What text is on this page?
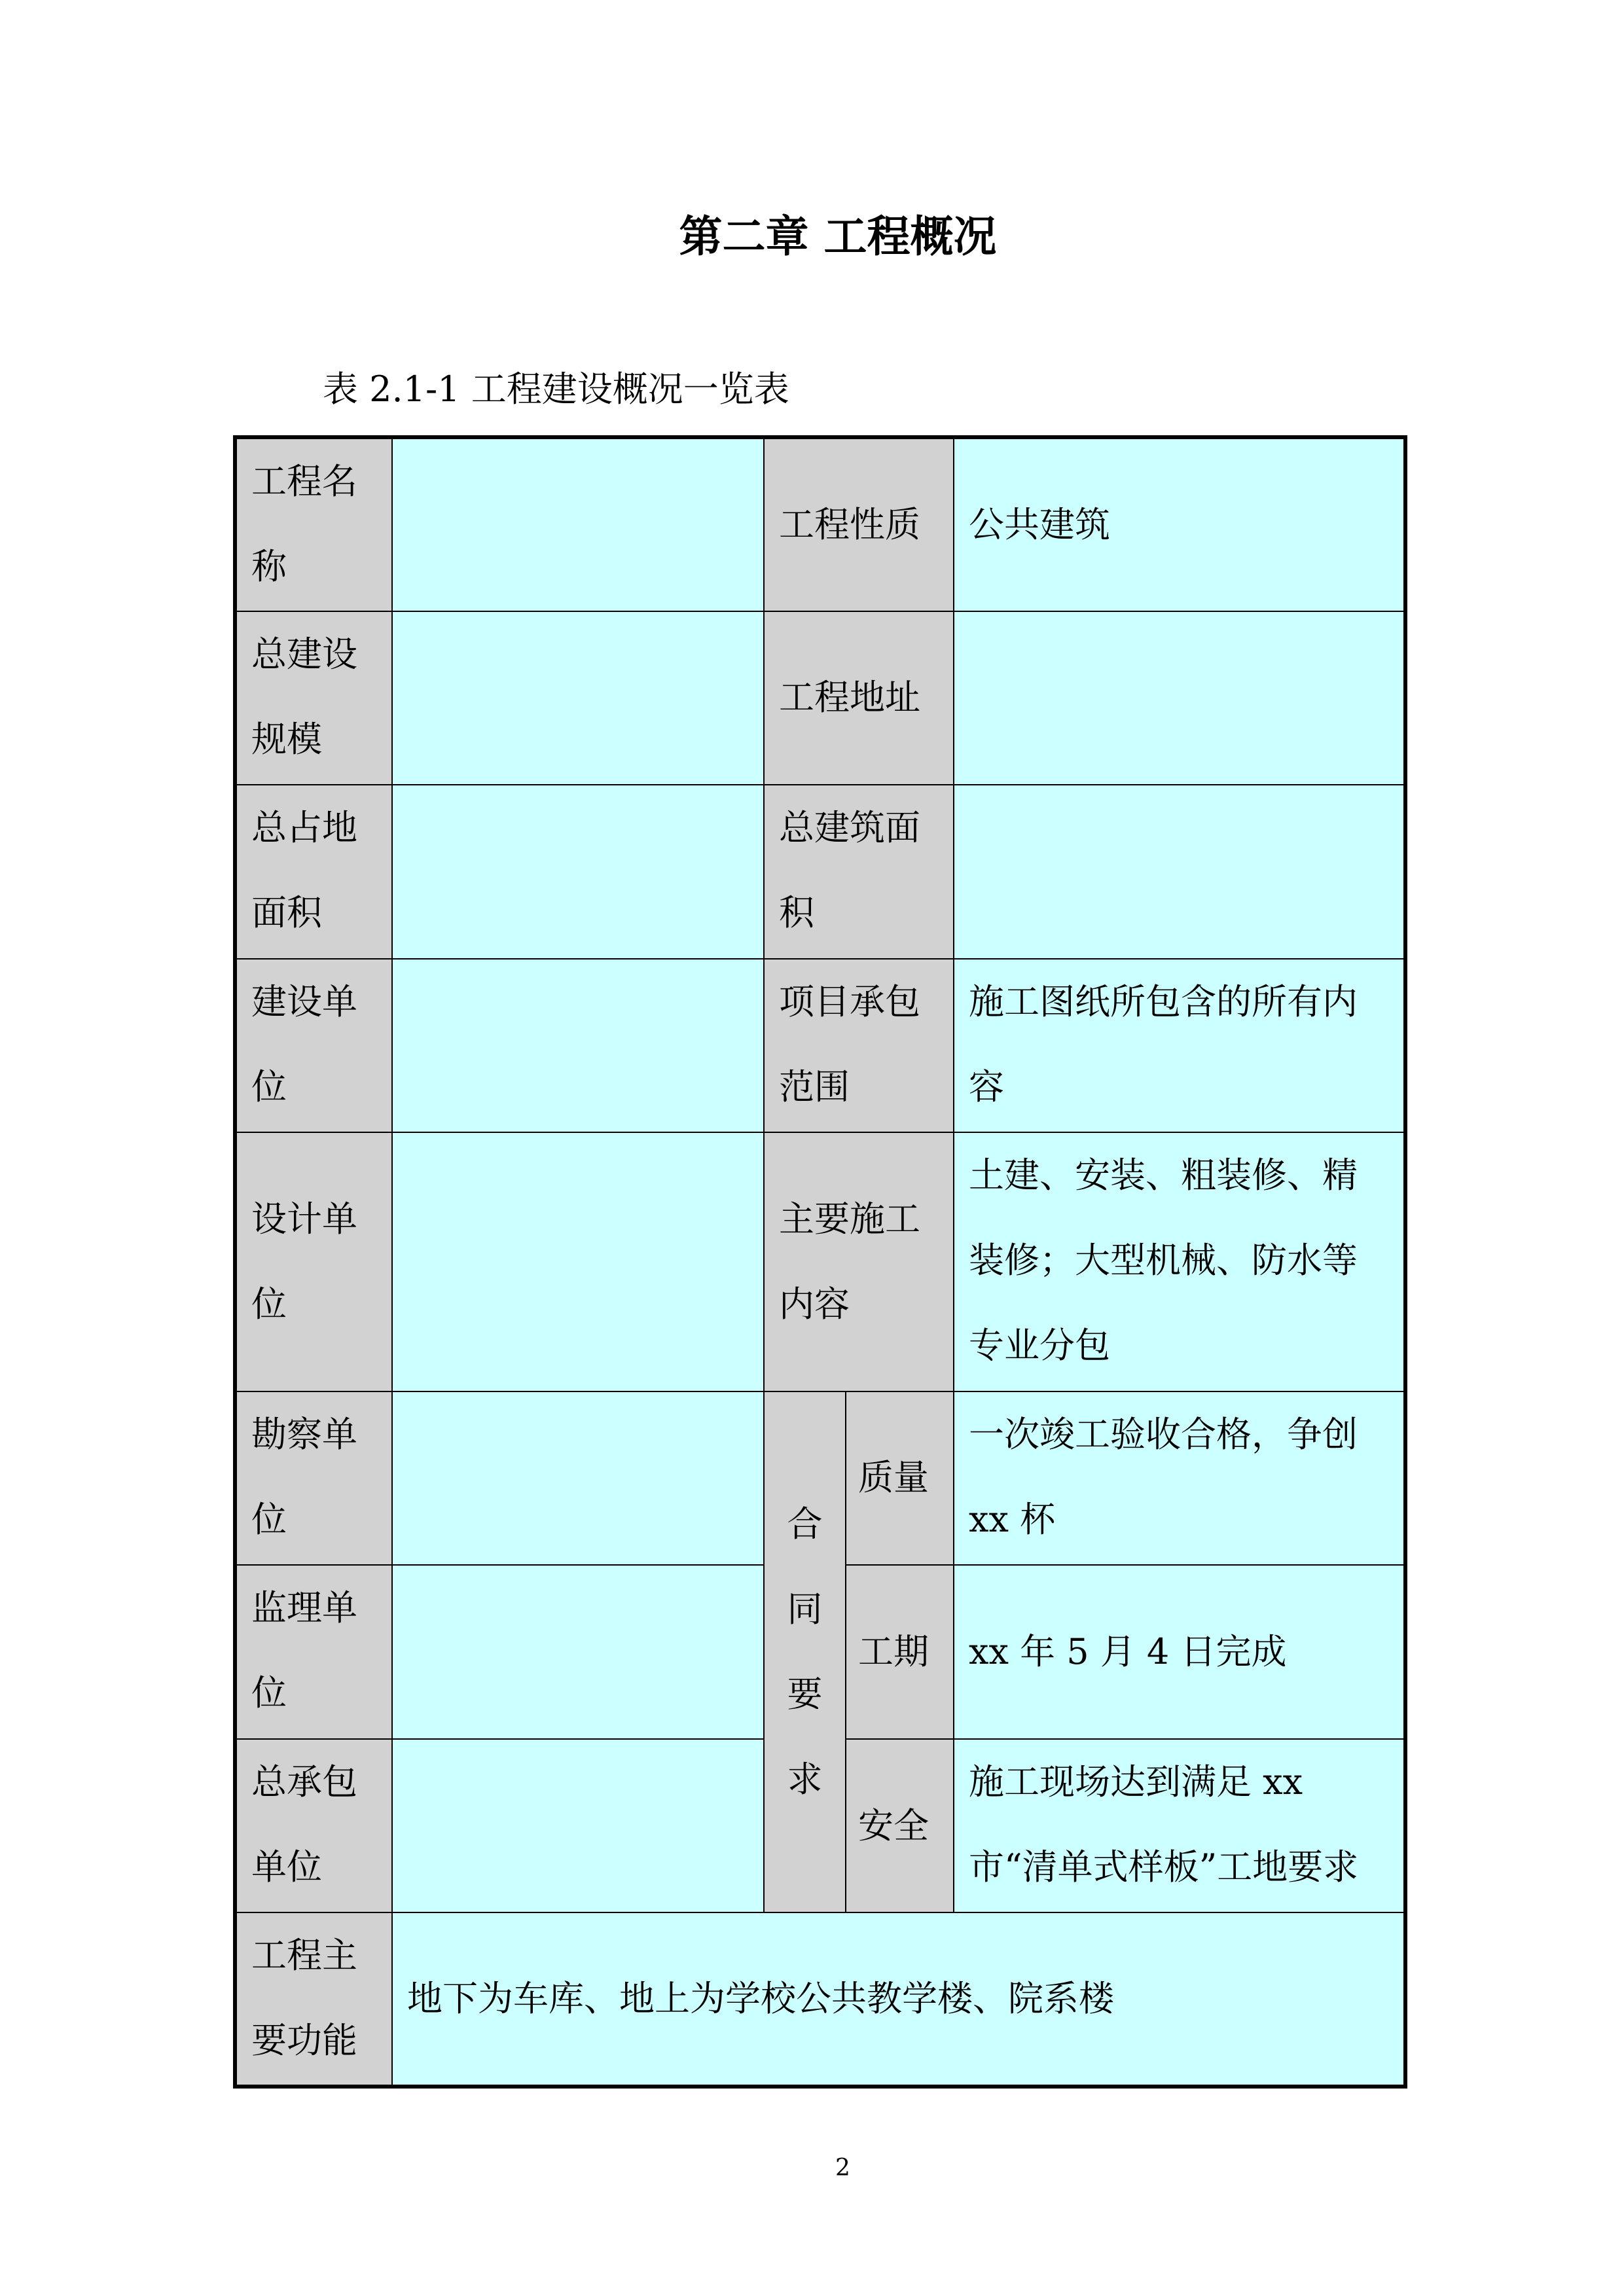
第二章 工程概况
表 2.1-1 工程建设概况一览表
工程名称		工程性质		公共建筑
总建设规模		工程地址		
总占地面积		总建筑面积		
建设单位		项目承包范围		施工图纸所包含的所有内容
设计单位		主要施工内容		土建、安装、粗装修、精装修；大型机械、防水等专业分包
勘察单位		合同要求	质量	一次竣工验收合格，争创 xx 杯
监理单位			工期	xx 年 5 月 4 日完成
总承包单位			安全	施工现场达到满足 xx 市“清单式样板”工地要求
工程主要功能	地下为车库、地上为学校公共教学楼、院系楼			
2
